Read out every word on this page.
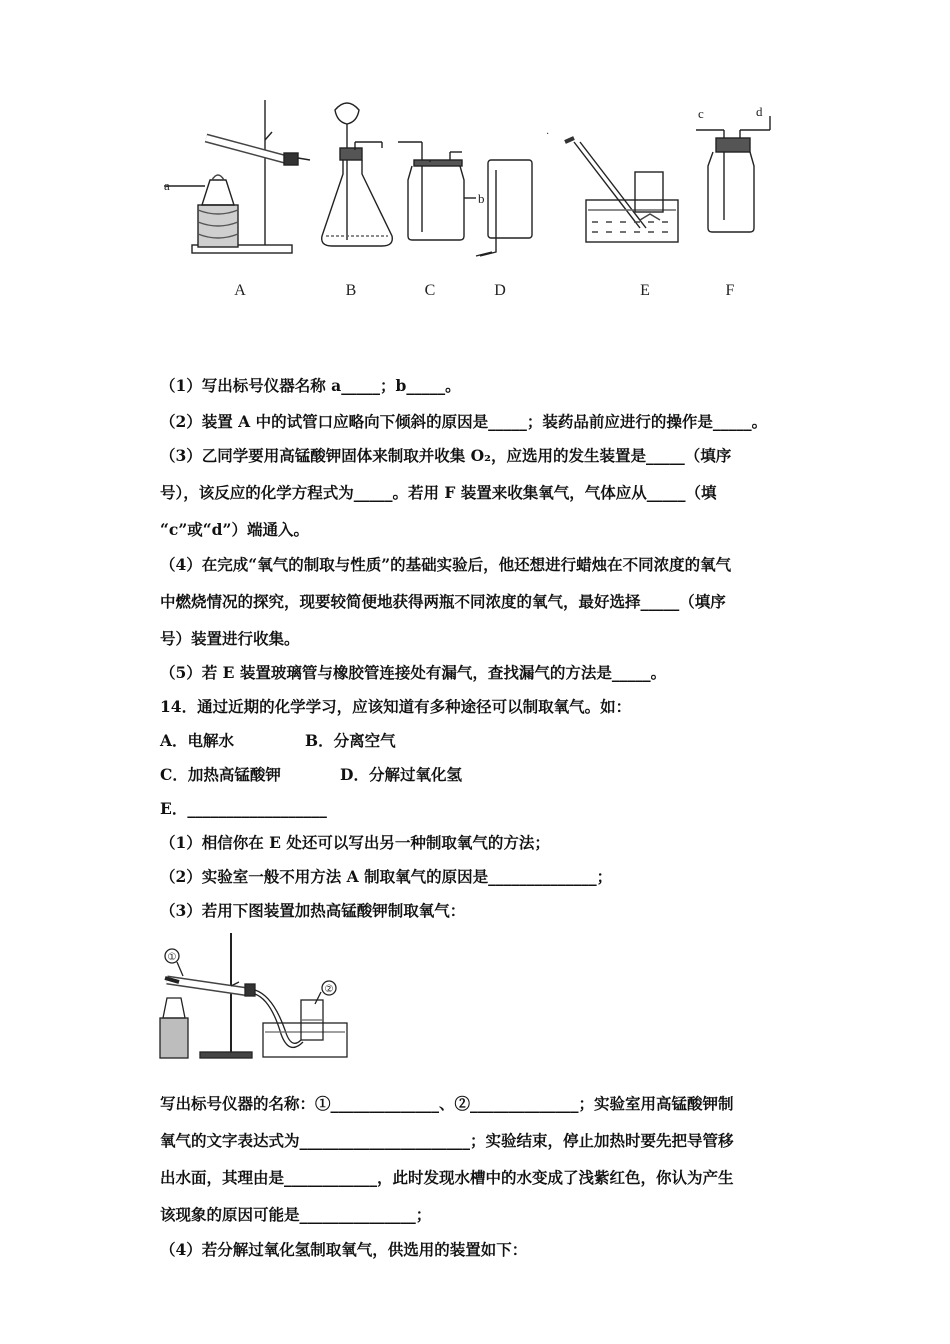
a
b
·
c	d
A	B	C	D	E	F
（1）写出标号仪器名称 a_____；b_____。
（2）装置 A 中的试管口应略向下倾斜的原因是_____；装药品前应进行的操作是_____。
（3）乙同学要用高锰酸钾固体来制取并收集 O₂，应选用的发生装置是_____（填序
号），该反应的化学方程式为_____。若用 F 装置来收集氧气，气体应从_____（填
“c”或“d”）端通入。
（4）在完成“氧气的制取与性质”的基础实验后，他还想进行蜡烛在不同浓度的氧气
中燃烧情况的探究，现要较简便地获得两瓶不同浓度的氧气，最好选择_____（填序
号）装置进行收集。
（5）若 E 装置玻璃管与橡胶管连接处有漏气，查找漏气的方法是_____。
14．通过近期的化学学习，应该知道有多种途径可以制取氧气。如：
A．电解水	B．分离空气
C．加热高锰酸钾	D．分解过氧化氢
E．__________________
（1）相信你在 E 处还可以写出另一种制取氧气的方法；
（2）实验室一般不用方法 A 制取氧气的原因是______________；
（3）若用下图装置加热高锰酸钾制取氧气：
①
②
写出标号仪器的名称：①______________、②______________；实验室用高锰酸钾制
氧气的文字表达式为______________________；实验结束，停止加热时要先把导管移
出水面，其理由是____________，此时发现水槽中的水变成了浅紫红色，你认为产生
该现象的原因可能是_______________；
（4）若分解过氧化氢制取氧气，供选用的装置如下：
